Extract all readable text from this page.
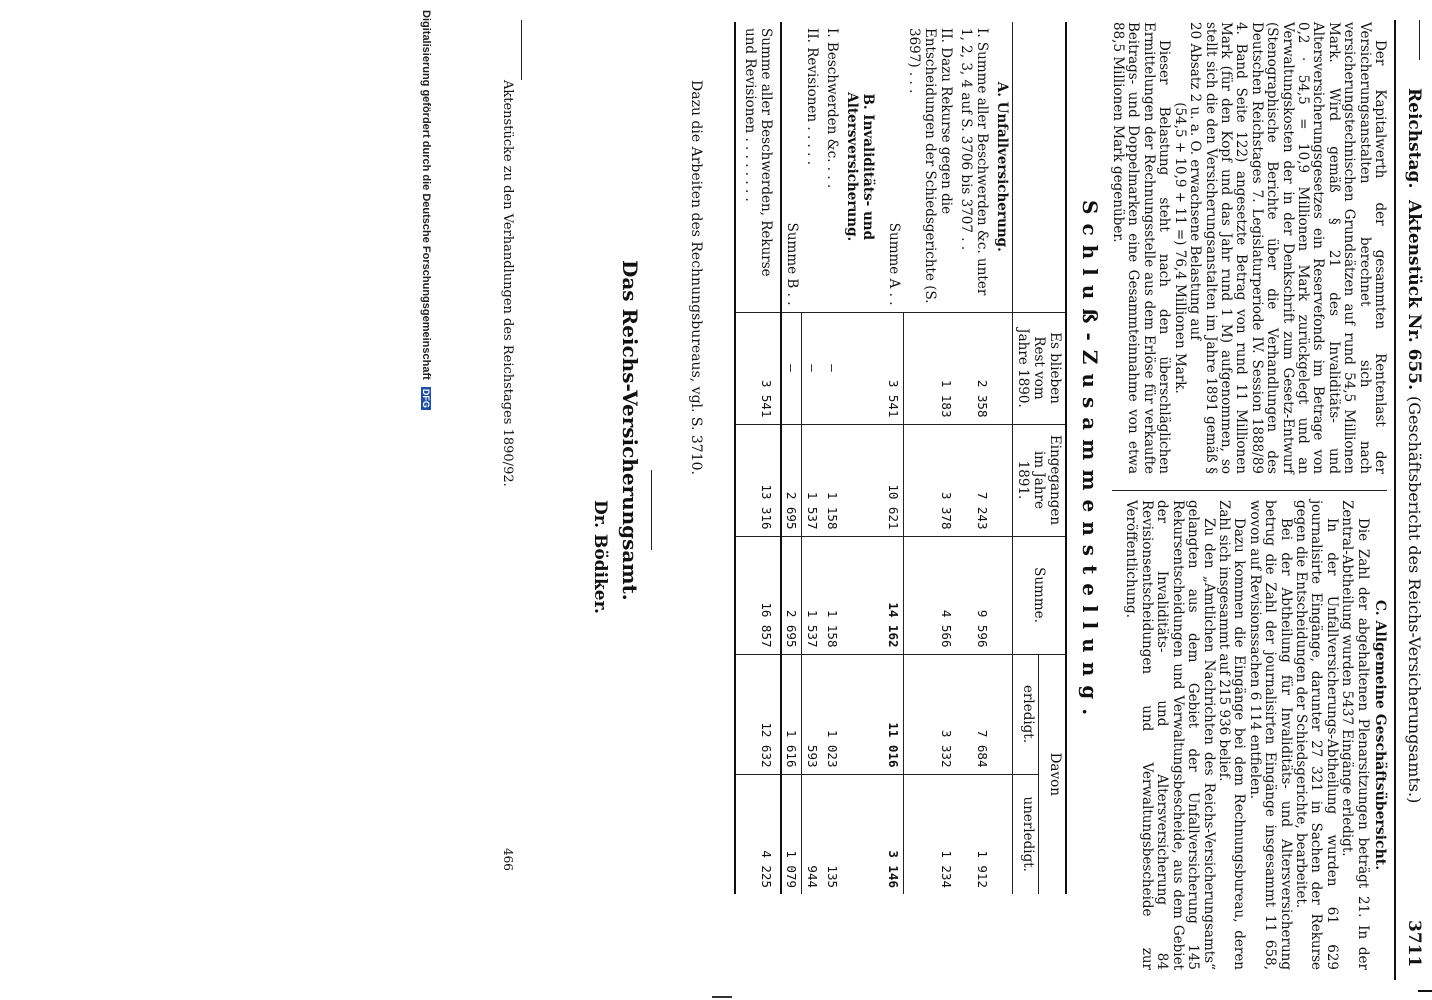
Reichstag.
Aktenstück Nr. 655.
(Geschäftsbericht des Reichs-Versicherungsamts.)
3711

Der Kapitalwerth der gesammten Rentenlast der Versicherungsanstalten berechnet sich nach versicherungstechnischen Grundsätzen auf rund 54,5 Millionen Mark. Wird gemäß § 21 des Invaliditäts- und Altersversicherungsgesetzes ein Reservefonds im Betrage von 0,2 · 54,5 = 10,9 Millionen Mark zurückgelegt und an Verwaltungskosten der in der Denkschrift zum Gesetz-Entwurf (Stenographische Berichte über die Verhandlungen des Deutschen Reichstages 7. Legislaturperiode IV. Session 1888/89 4. Band Seite 122) angesetzte Betrag von rund 11 Millionen Mark (für den Kopf und das Jahr rund 1 M) aufgenommen, so stellt sich die den Versicherungsanstalten im Jahre 1891 gemäß § 20 Absatz 2 u. a. O. erwachsene Belastung auf

(54,5 + 10,9 + 11 =) 76,4 Millionen Mark.

Dieser Belastung steht nach den überschläglichen Ermittelungen der Rechnungsstelle aus dem Erlöse für verkaufte Beitrags- und Doppelmarken eine Gesammteinnahme von etwa 88,5 Millionen Mark gegenüber.

C. Allgemeine Geschäftsübersicht.

Die Zahl der abgehaltenen Plenarsitzungen beträgt 21. In der Zentral-Abtheilung wurden 5437 Eingänge erledigt.

In der Unfallversicherungs-Abtheilung wurden 61 629 journalisirte Eingänge, darunter 27 321 in Sachen der Rekurse gegen die Entscheidungen der Schiedsgerichte, bearbeitet.

Bei der Abtheilung für Invaliditäts- und Altersversicherung betrug die Zahl der journalisirten Eingänge insgesammt 11 658, wovon auf Revisionssachen 6 114 entfielen.

Dazu kommen die Eingänge bei dem Rechnungsbureau, deren Zahl sich insgesammt auf 215 936 belief.

Zu den „Amtlichen Nachrichten des Reichs-Versicherungsamts“ gelangten aus dem Gebiet der Unfallversicherung 145 Rekursentscheidungen und Verwaltungsbescheide, aus dem Gebiet der Invaliditäts- und Altersversicherung 84 Revisionsentscheidungen und Verwaltungsbescheide zur Veröffentlichung.

Schluß-Zusammenstellung.
	Es blieben Rest vom Jahre 1890.	Eingegangen im Jahre 1891.	Summe.	Davon	
				erledigt.	unerledigt.
A. Unfallversicherung.					
I. Summe aller Beschwerden &c. unter 1, 2, 3, 4 auf S. 3706 bis 3707 . .	2 358	7 243	9 596	7 684	1 912
II. Dazu Rekurse gegen die Entscheidungen der Schiedsgerichte (S. 3697) . . .	1 183	3 378	4 566	3 332	1 234
Summe A . .	3 541	10 621	14 162	11 016	3 146
B. Invaliditäts- und Altersversicherung.					
I. Beschwerden &c. . . .	—	1 158	1 158	1 023	135
II. Revisionen . . . . .	—	1 537	1 537	593	944
Summe B . .	—	2 695	2 695	1 616	1 079
Summe aller Beschwerden, Rekurse und Revisionen . . . . . . . .	3 541	13 316	16 857	12 632	4 225
Dazu die Arbeiten des Rechnungsbureaus, vgl. S. 3710.
Das Reichs-Versicherungsamt.
Dr. Bödiker.
Aktenstücke zu den Verhandlungen des Reichstages 1890/92.
466
Digitalisierung gefördert durch die Deutsche Forschungsgemeinschaft DFG
